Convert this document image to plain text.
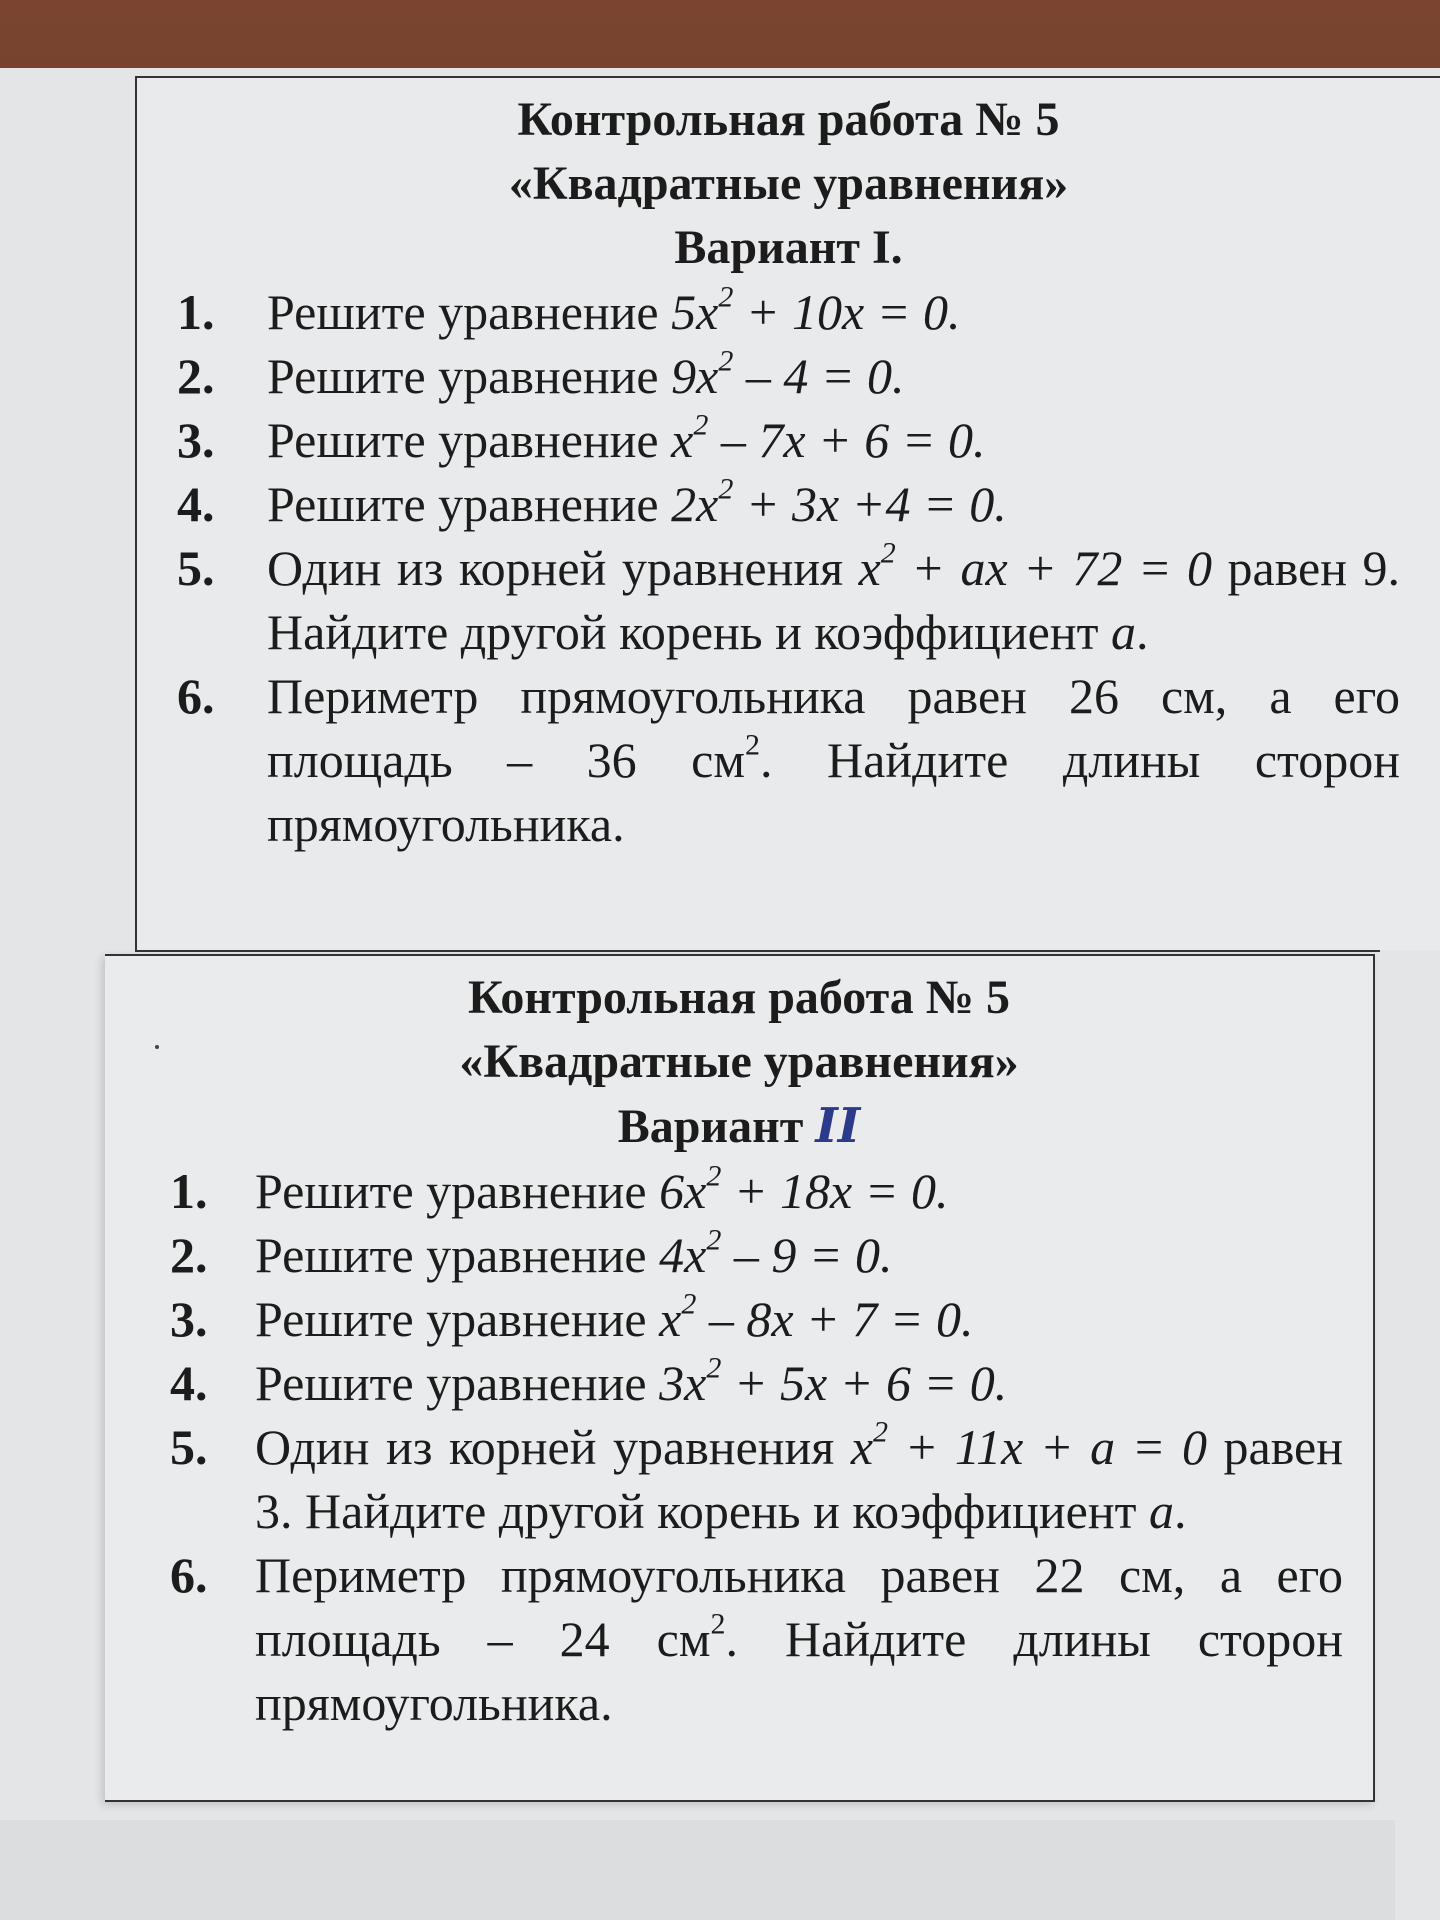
Контрольная работа № 5
«Квадратные уравнения»
Вариант I.
1. Решите уравнение $5x^2 + 10x = 0$.
2. Решите уравнение $9x^2 - 4 = 0$.
3. Решите уравнение $x^2 - 7x + 6 = 0$.
4. Решите уравнение $2x^2 + 3x +4 = 0$.
5. Один из корней уравнения $x^2$ + ax + 72 = 0 равен 9. Найдите другой корень и коэффициент a.
6. Периметр прямоугольника равен 26 см, а его площадь – 36 $см^2$. Найдите длины сторон прямоугольника.
Контрольная работа № 5
«Квадратные уравнения»
Вариант II
1. Решите уравнение $6x^2 + 18x = 0$.
2. Решите уравнение $4x^2 - 9 = 0$.
3. Решите уравнение $x^2 - 8x + 7 = 0$.
4. Решите уравнение $3x^2 + 5x + 6 = 0$.
5. Один из корней уравнения $x^2 + 11x + a = 0$ равен 3. Найдите другой корень и коэффициент a.
6. Периметр прямоугольника равен 22 см, а его площадь – 24 $см^2$. Найдите длины сторон прямоугольника.
